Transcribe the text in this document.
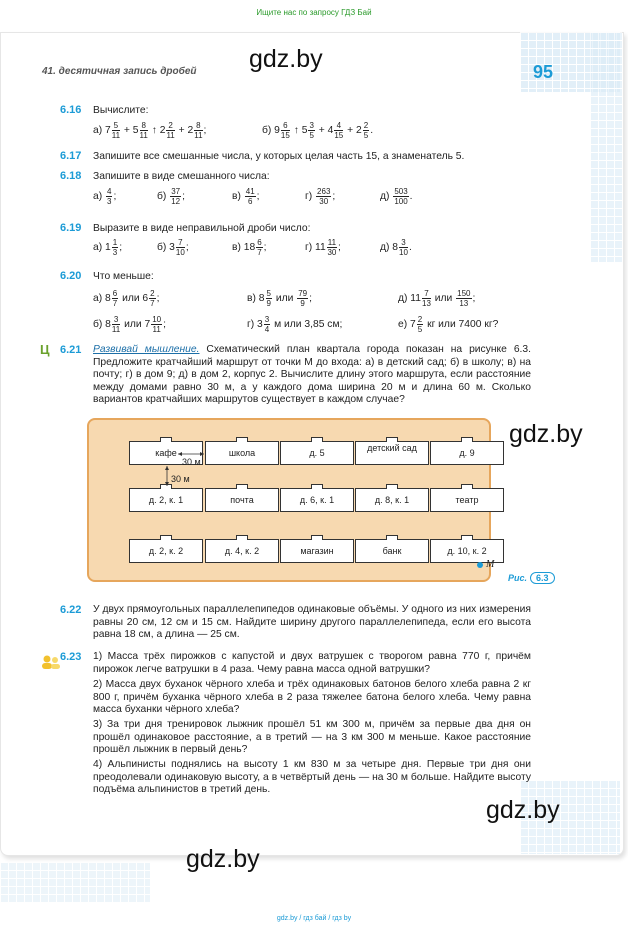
Ищите нас по запросу ГДЗ Бай
41. десятичная запись дробей	95
gdz.by
gdz.by
gdz.by
gdz.by
6.16 Вычислите:
а) $7 \frac{5}{11} + 5 \frac{8}{11}$ ↑ $2 \frac{2}{11} + 2 \frac{8}{11}$ ;	б) $9 \frac{6}{15}$ ↑ $5 \frac{3}{5} + 4 \frac{4}{15} + 2 \frac{2}{5}$ .
6.17 Запишите все смешанные числа, у которых целая часть 15, а знаменатель 5.
6.18 Запишите в виде смешанного числа:
$а) \frac{4}{3}$ ;	$б) \frac{37}{12}$ ;	$в) \frac{41}{6}$ ;	$г) \frac{263}{30}$ ;	$д) \frac{503}{100}$ .
6.19 Выразите в виде неправильной дроби число:
а) $1 \frac{1}{3}$ ;	б) $3 \frac{7}{10}$ ;	в) $18 \frac{6}{7}$ ;	г) $11 \frac{11}{30}$ ;	д) $8 \frac{3}{10}$ .
6.20 Что меньше:
а) $8 \frac{6}{7}$ или $6 \frac{2}{7}$ ;	в) $8 \frac{5}{9}$ или $\frac{79}{9}$ ;	д) $11 \frac{7}{13}$ или $\frac{150}{13}$ ;
б) $8 \frac{3}{11}$ или $7 \frac{10}{11}$ ;	г) $3 \frac{3}{4}$ м или 3,85 см;	е) $7 \frac{2}{5}$ кг или 7400 кг?
Ц 6.21 Развивай мышление. Схематический план квартала города показан на рисунке 6.3. Предложите кратчайший маршрут от точки M до входа: а) в детский сад; б) в школу; в) на почту; г) в дом 9; д) в дом 2, корпус 2. Вычислите длину этого маршрута, если расстояние между домами равно 30 м, а у каждого дома ширина 20 м и длина 60 м. Сколько вариантов кратчайших маршрутов существует в каждом случае?
кафе	школа	д. 5	детский сад	д. 9
д. 2, к. 1	почта	д. 6, к. 1	д. 8, к. 1	театр
д. 2, к. 2	д. 4, к. 2	магазин	банк	д. 10, к. 2
30 м
30 м
M
Рис. 6.3
6.22 У двух прямоугольных параллелепипедов одинаковые объёмы. У одного из них измерения равны 20 см, 12 см и 15 см. Найдите ширину другого параллелепипеда, если его высота равна 18 см, а длина — 25 см.
6.23 1) Масса трёх пирожков с капустой и двух ватрушек с творогом равна 770 г, причём пирожок легче ватрушки в 4 раза. Чему равна масса одной ватрушки?
2) Масса двух буханок чёрного хлеба и трёх одинаковых батонов белого хлеба равна 2 кг 800 г, причём буханка чёрного хлеба в 2 раза тяжелее батона белого хлеба. Чему равна масса буханки чёрного хлеба?
3) За три дня тренировок лыжник прошёл 51 км 300 м, причём за первые два дня он прошёл одинаковое расстояние, а в третий — на 3 км 300 м меньше. Какое расстояние прошёл лыжник в первый день?
4) Альпинисты поднялись на высоту 1 км 830 м за четыре дня. Первые три дня они преодолевали одинаковую высоту, а в четвёртый день — на 30 м больше. Найдите высоту подъёма альпинистов в третий день.
gdz.by / гдз бай / гдз by
